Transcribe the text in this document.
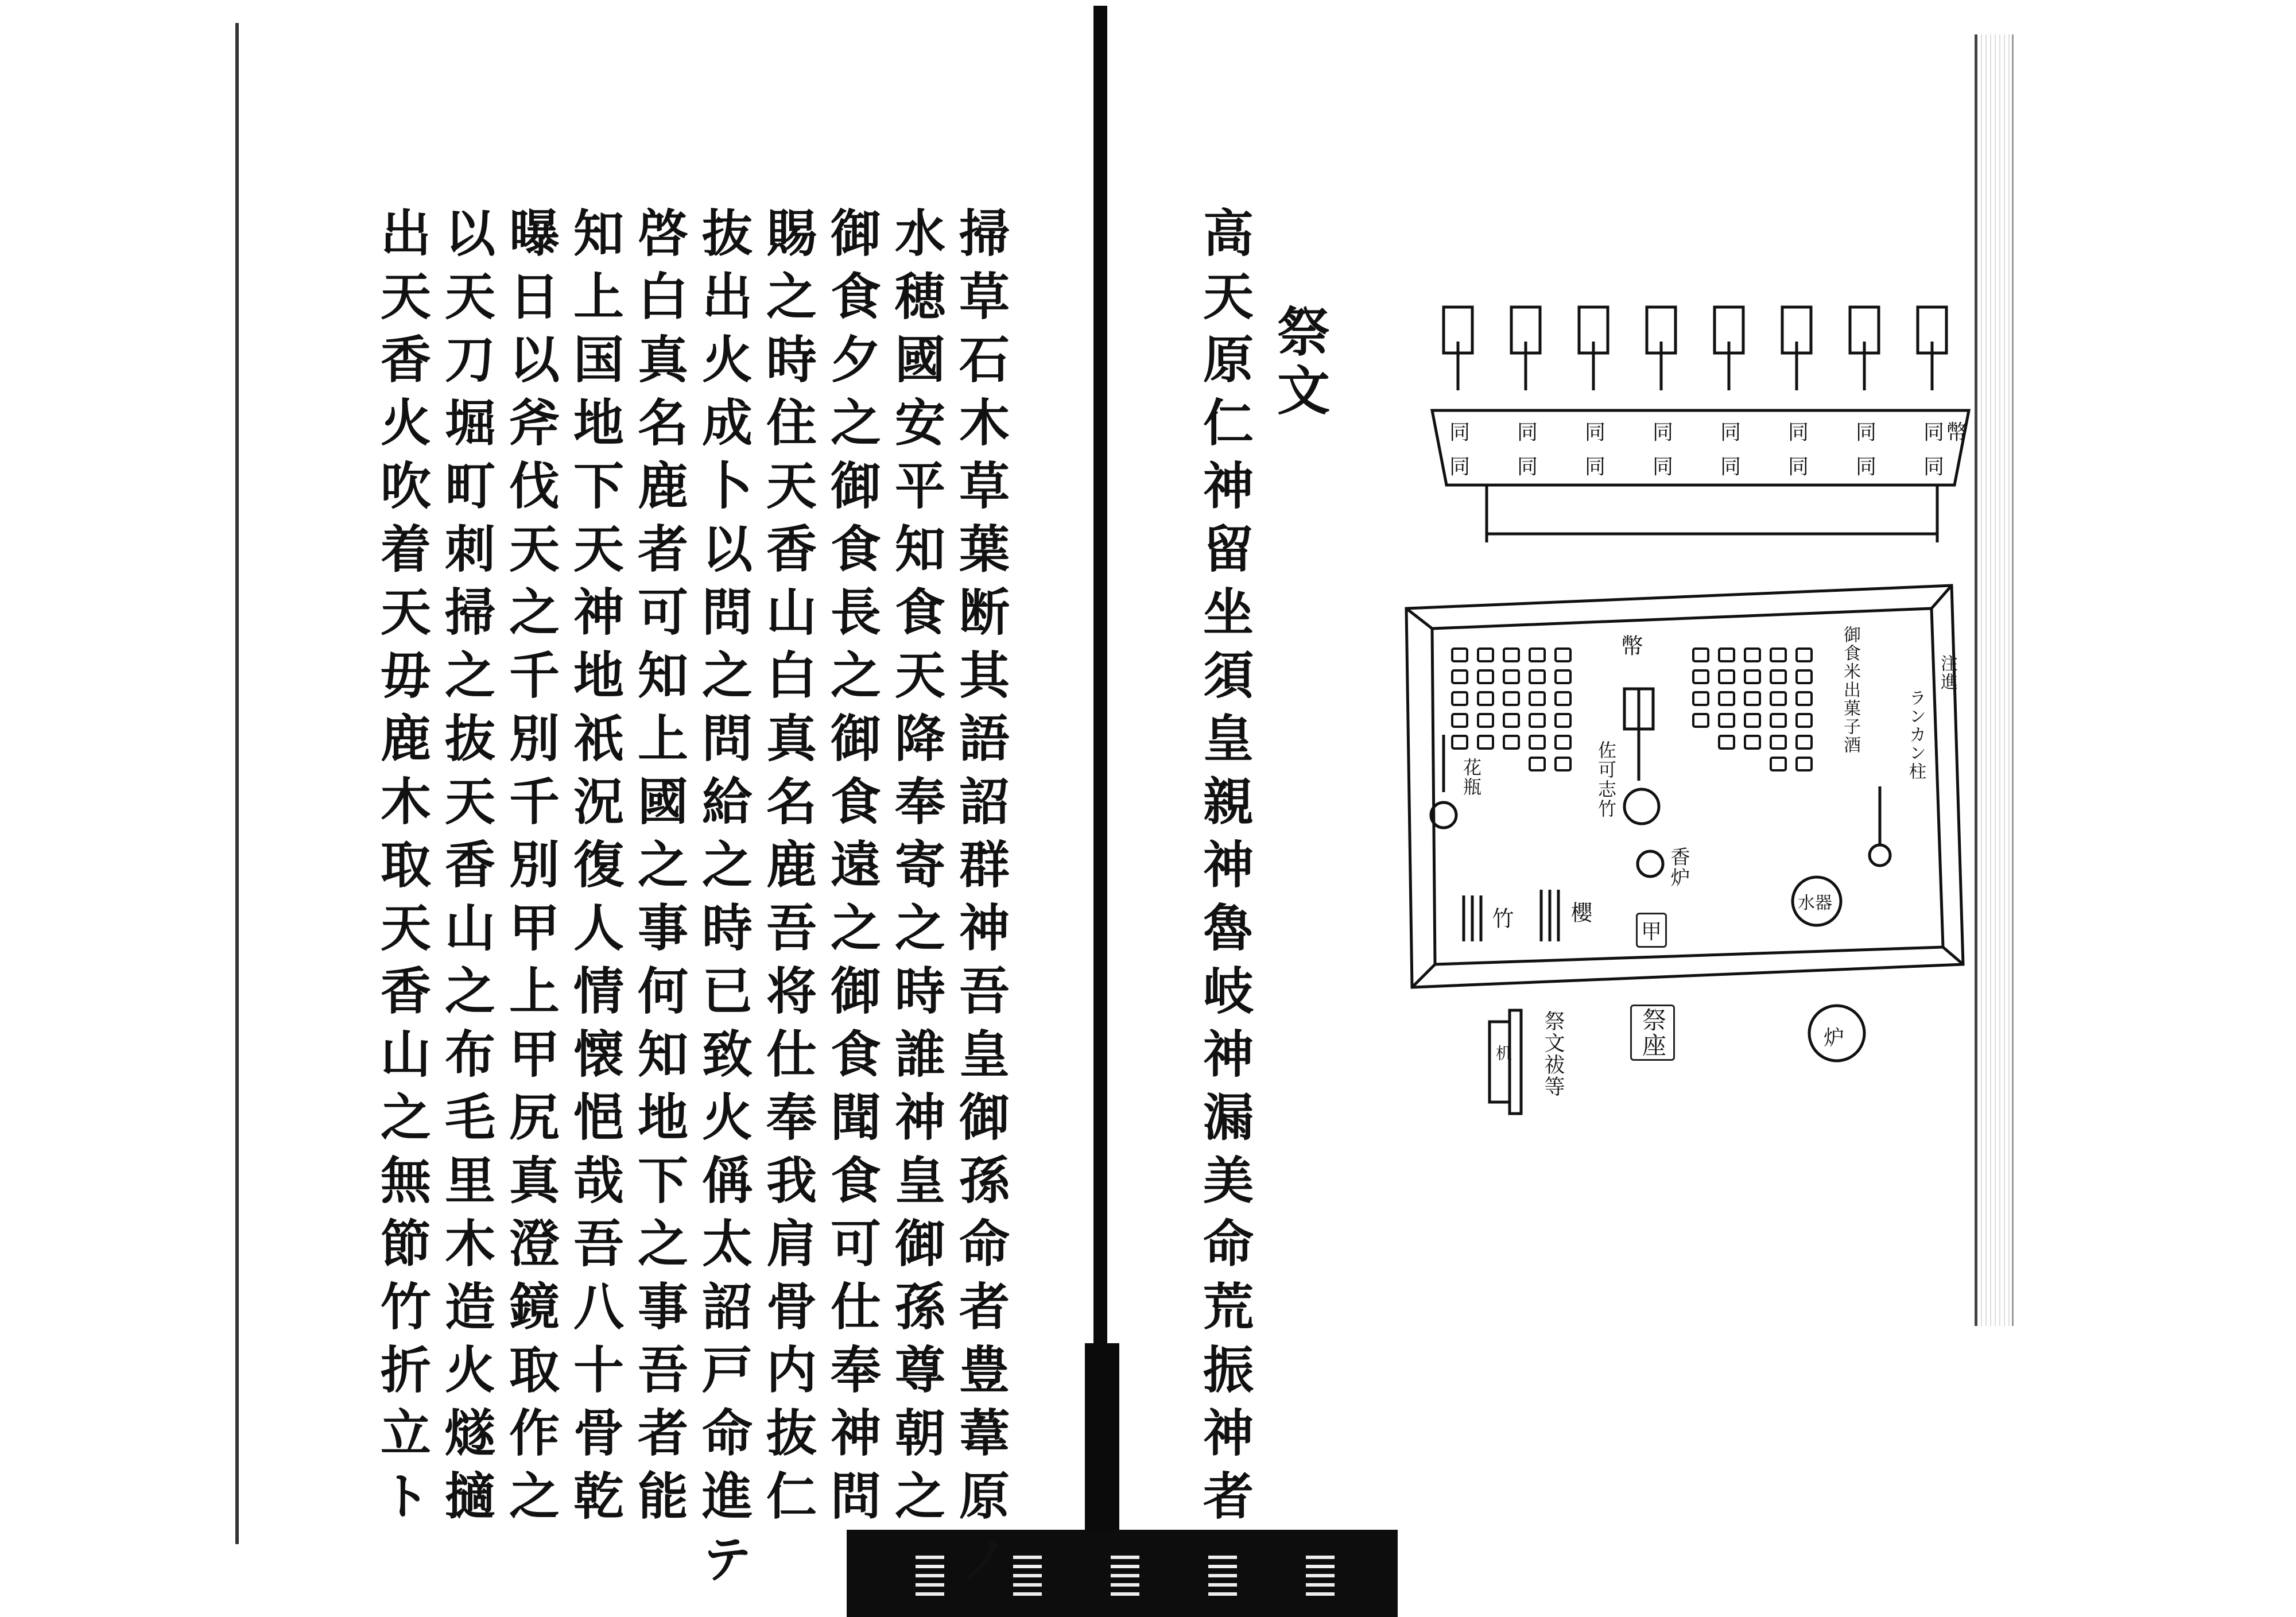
掃草石木草葉断其語詔群神吾皇御孫命者豊葦原ノ
水穂國安平知食天降奉寄之時誰神皇御孫尊朝之
御食夕之御食長之御食遠之御食聞食可仕奉神問
賜之時住天香山白真名鹿吾将仕奉我肩骨内抜仁
抜出火成卜以問之問給之時已致火偁太詔戸命進テ
啓白真名鹿者可知上國之事何知地下之事吾者能
知上国地下天神地祇況復人情懐悒哉吾八十骨乾
曝日以斧伐天之千別千別甲上甲尻真澄鏡取作之
以天刀堀町刺掃之抜天香山之布毛里木造火燧擿
出天香火吹着天毋鹿木取天香山之無節竹折立ト	祭文
高天原仁神留坐須皇親神魯岐神漏美命荒振神者	同
同
同
同
同
同
同
同
同
同
同
同
同
同
同
同
幣
幣
佐可志竹
花瓶
竹 櫻
香炉
甲
水器
御食米出菓子酒	ランカン柱
注進
祭座	炉
祭文祓等
机
